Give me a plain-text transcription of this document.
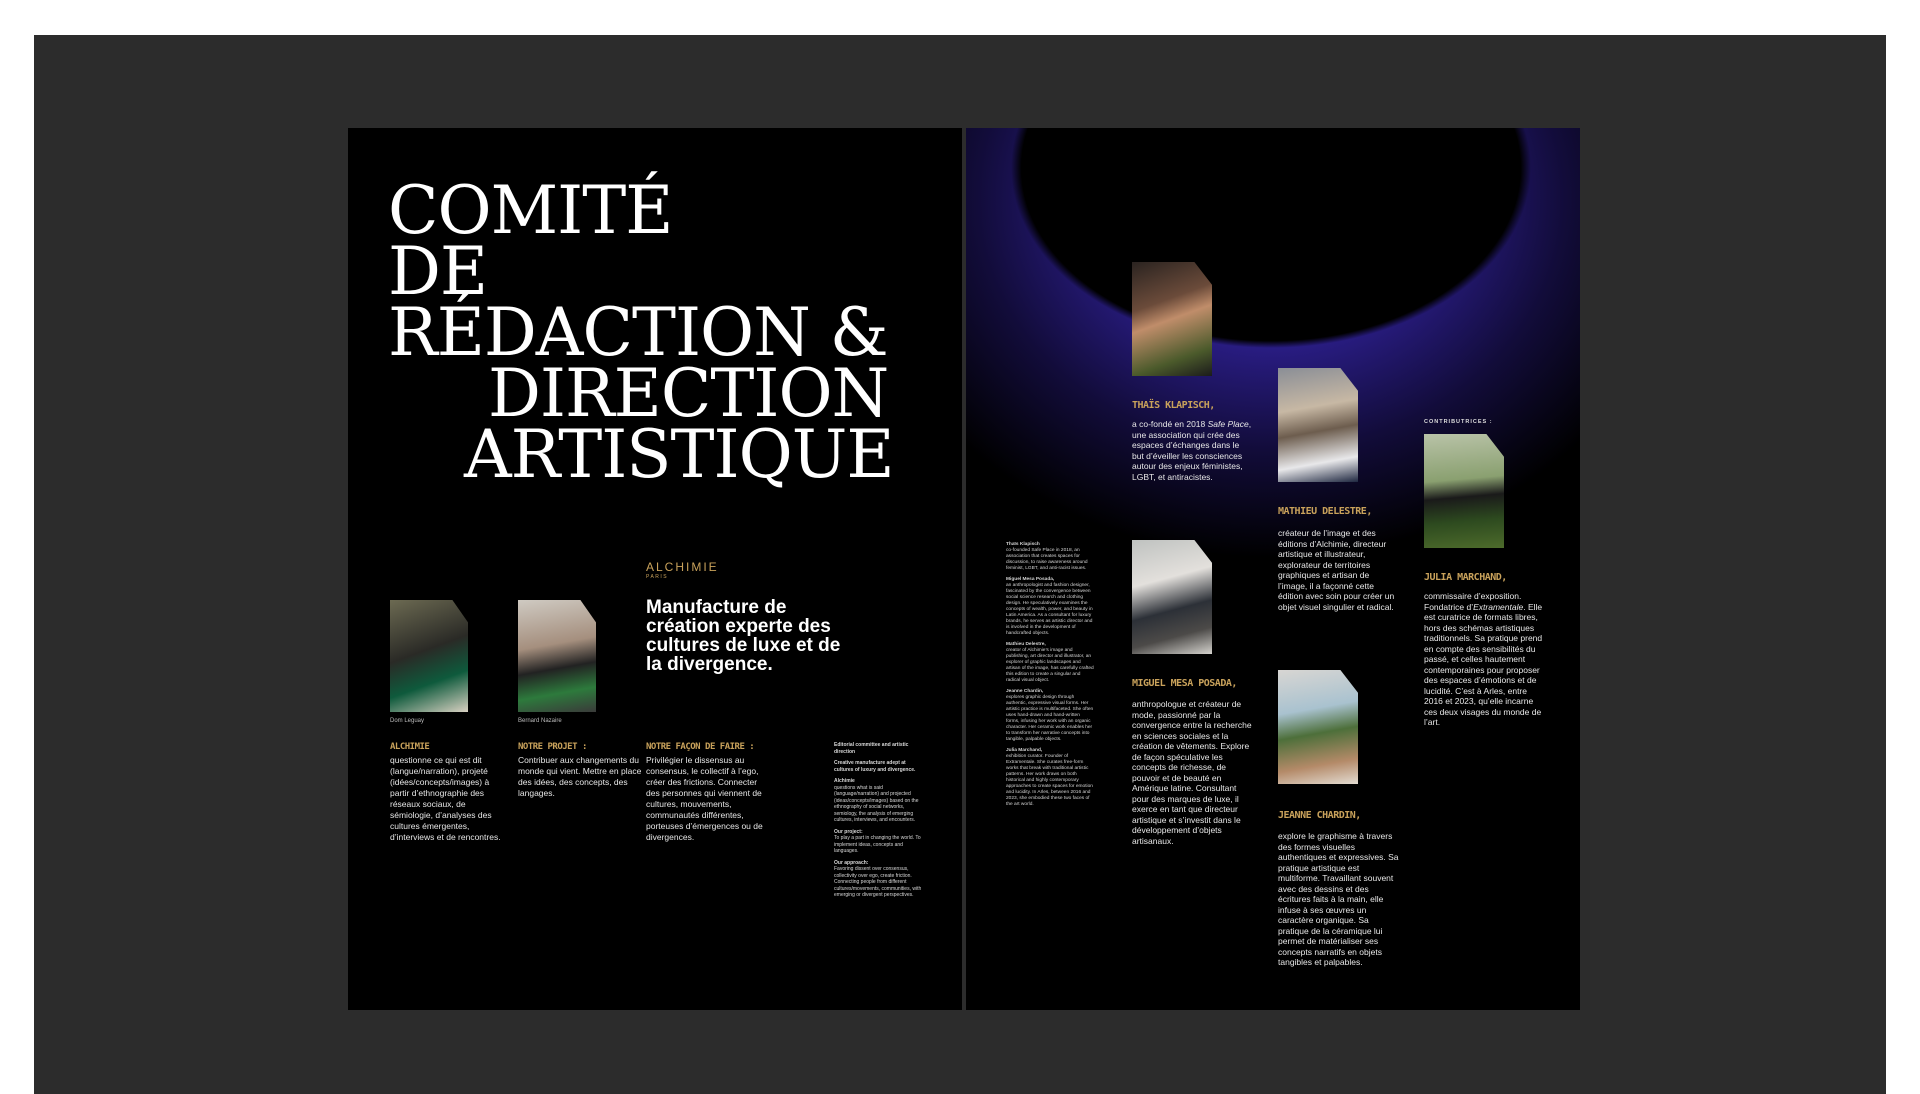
COMITÉ
DE
RÉDACTION &
DIRECTION
ARTISTIQUE
ALCHIMIE
PARIS
Manufacture de création experte des cultures de luxe et de la divergence.
Dom Leguay	Bernard Nazaire
ALCHIMIE
questionne ce qui est dit (langue/narration), projeté (idées/concepts/images) à partir d’ethnographie des réseaux sociaux, de sémiologie, d’analyses des cultures émergentes, d’interviews et de rencontres.
NOTRE PROJET :
Contribuer aux changements du monde qui vient. Mettre en place des idées, des concepts, des langages.
NOTRE FAÇON DE FAIRE :
Privilégier le dissensus au consensus, le collectif à l’ego, créer des frictions. Connecter des personnes qui viennent de cultures, mouvements, communautés différentes, porteuses d’émergences ou de divergences.

Editorial committee and artistic direction

Creative manufacture adept at cultures of luxury and divergence.

Alchimie
questions what is said (language/narration) and projected (ideas/concepts/images) based on the ethnography of social networks, semiology, the analysis of emerging cultures, interviews, and encounters.

Our project:
To play a part in changing the world. To implement ideas, concepts and languages.

Our approach:
Favoring dissent over consensus, collectivity over ego, create friction. Connecting people from different cultures/movements, communities, with emerging or divergent perspectives.

THAÏS KLAPISCH,
a co-fondé en 2018 Safe Place, une association qui crée des espaces d’échanges dans le but d’éveiller les consciences autour des enjeux féministes, LGBT, et antiracistes.
MATHIEU DELESTRE,
créateur de l’image et des éditions d’Alchimie, directeur artistique et illustrateur, explorateur de territoires graphiques et artisan de l’image, il a façonné cette édition avec soin pour créer un objet visuel singulier et radical.
CONTRIBUTRICES :
JULIA MARCHAND,
commissaire d’exposition. Fondatrice d’Extramentale. Elle est curatrice de formats libres, hors des schémas artistiques traditionnels. Sa pratique prend en compte des sensibilités du passé, et celles hautement contemporaines pour proposer des espaces d’émotions et de lucidité. C’est à Arles, entre 2016 et 2023, qu’elle incarne ces deux visages du monde de l’art.
MIGUEL MESA POSADA,
anthropologue et créateur de mode, passionné par la convergence entre la recherche en sciences sociales et la création de vêtements. Explore de façon spéculative les concepts de richesse, de pouvoir et de beauté en Amérique latine. Consultant pour des marques de luxe, il exerce en tant que directeur artistique et s’investit dans le développement d’objets artisanaux.
JEANNE CHARDIN,
explore le graphisme à travers des formes visuelles authentiques et expressives. Sa pratique artistique est multiforme. Travaillant souvent avec des dessins et des écritures faits à la main, elle infuse à ses œuvres un caractère organique. Sa pratique de la céramique lui permet de matérialiser ses concepts narratifs en objets tangibles et palpables.

Thaïs Klapisch
co-founded Safe Place in 2018, an association that creates spaces for discussion, to raise awareness around feminist, LGBT, and anti-racist issues.

Miguel Mesa Posada,
an anthropologist and fashion designer, fascinated by the convergence between social science research and clothing design. He speculatively examines the concepts of wealth, power, and beauty in Latin America. As a consultant for luxury brands, he serves as artistic director and is involved in the development of handcrafted objects.

Mathieu Delestre,
creator of Alchimie’s image and publishing, art director and illustrator, an explorer of graphic landscapes and artisan of the image, has carefully crafted this edition to create a singular and radical visual object.

Jeanne Chardin,
explores graphic design through authentic, expressive visual forms. Her artistic practice is multifaceted. She often uses hand-drawn and hand-written forms, infusing her work with an organic character. Her ceramic work enables her to transform her narrative concepts into tangible, palpable objects.

Julia Marchand,
exhibition curator. Founder of Extramentale. She curates free-form works that break with traditional artistic patterns. Her work draws on both historical and highly contemporary approaches to create spaces for emotion and lucidity. In Arles, between 2016 and 2023, she embodied these two faces of the art world.
